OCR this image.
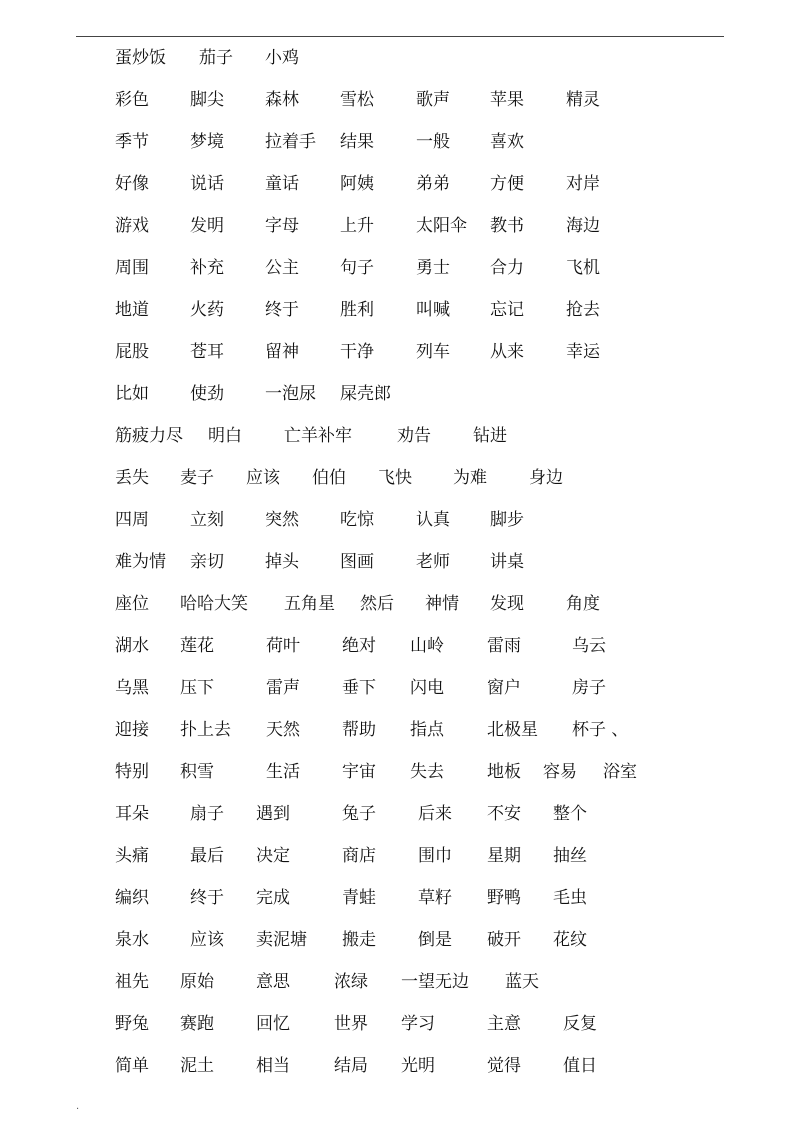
蛋炒饭 茄子 小鸡
彩色 脚尖 森林 雪松 歌声 苹果 精灵
季节 梦境 拉着手 结果 一般 喜欢
好像 说话 童话 阿姨 弟弟 方便 对岸
游戏 发明 字母 上升 太阳伞 教书 海边
周围 补充 公主 句子 勇士 合力 飞机
地道 火药 终于 胜利 叫喊 忘记 抢去
屁股 苍耳 留神 干净 列车 从来 幸运
比如 使劲 一泡尿 屎壳郎
筋疲力尽 明白 亡羊补牢	劝告 钻进
丢失 麦子 应该 伯伯 飞快 为难 身边
四周 立刻 突然 吃惊 认真 脚步
难为情 亲切 掉头 图画 老师 讲桌
座位 哈哈大笑 五角星 然后 神情 发现 角度
湖水 莲花	荷叶 绝对 山岭	雷雨	乌云
乌黑 压下	雷声 垂下 闪电	窗户	房子
迎接 扑上去 天然 帮助 指点	北极星 杯子 、
特别 积雪	生活 宇宙 失去	地板 容易 浴室
耳朵 扇子 遇到	兔子 后来 不安 整个
头痛 最后 决定	商店 围巾 星期 抽丝
编织 终于 完成	青蛙 草籽 野鸭 毛虫
泉水 应该 卖泥塘 搬走 倒是 破开 花纹
祖先 原始 意思	浓绿 一望无边 蓝天
野兔 赛跑 回忆	世界 学习	主意 反复
简单 泥土 相当	结局 光明	觉得 值日
.
